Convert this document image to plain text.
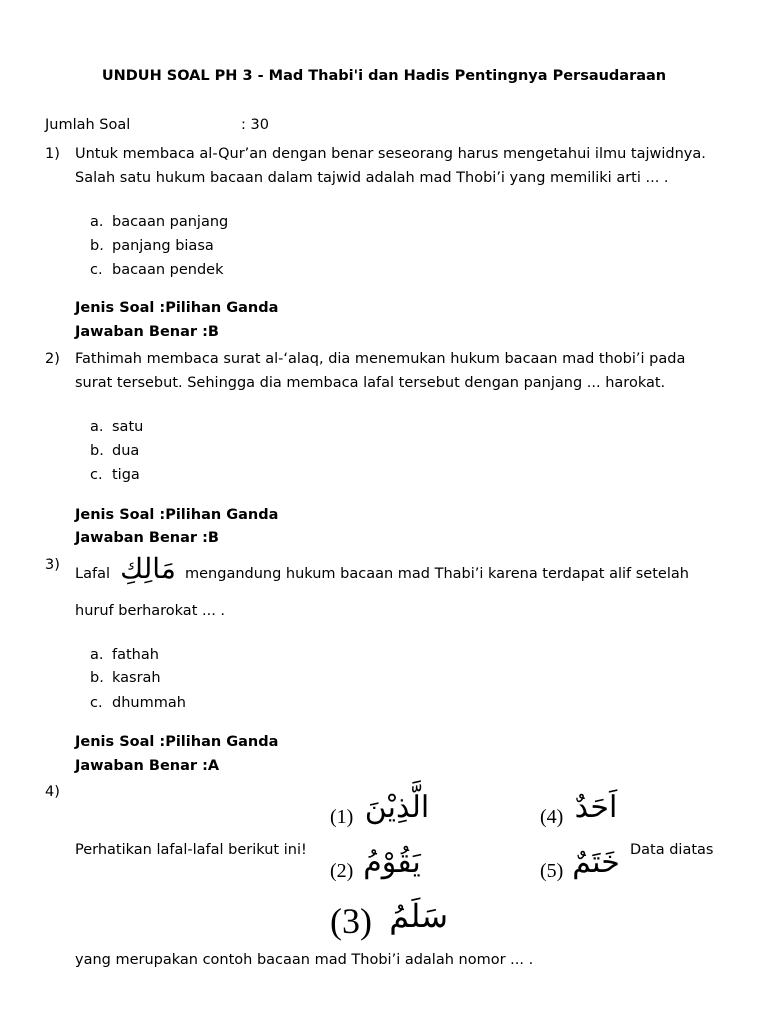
UNDUH SOAL PH 3 - Mad Thabi'i dan Hadis Pentingnya Persaudaraan
Jumlah Soal	: 30
1) Untuk membaca al-Qur’an dengan benar seseorang harus mengetahui ilmu tajwidnya.
Salah satu hukum bacaan dalam tajwid adalah mad Thobi’i yang memiliki arti ... .
a. bacaan panjang
b. panjang biasa
c. bacaan pendek
Jenis Soal :Pilihan Ganda
Jawaban Benar :B
2) Fathimah membaca surat al-‘alaq, dia menemukan hukum bacaan mad thobi’i pada
surat tersebut. Sehingga dia membaca lafal tersebut dengan panjang ... harokat.
a. satu
b. dua
c. tiga
Jenis Soal :Pilihan Ganda
Jawaban Benar :B
3)
Lafal مَالِكِ mengandung hukum bacaan mad Thabi’i karena terdapat alif setelah
huruf berharokat ... .
a. fathah
b. kasrah
c. dhummah
Jenis Soal :Pilihan Ganda
Jawaban Benar :A
4)
Perhatikan lafal-lafal berikut ini!	Data diatas
(1) الَّذِيْنَ
(2) يَقُوْمُ
(3) سَلَمُ
(4) اَحَدٌ
(5) خَتَمٌ
yang merupakan contoh bacaan mad Thobi’i adalah nomor ... .
